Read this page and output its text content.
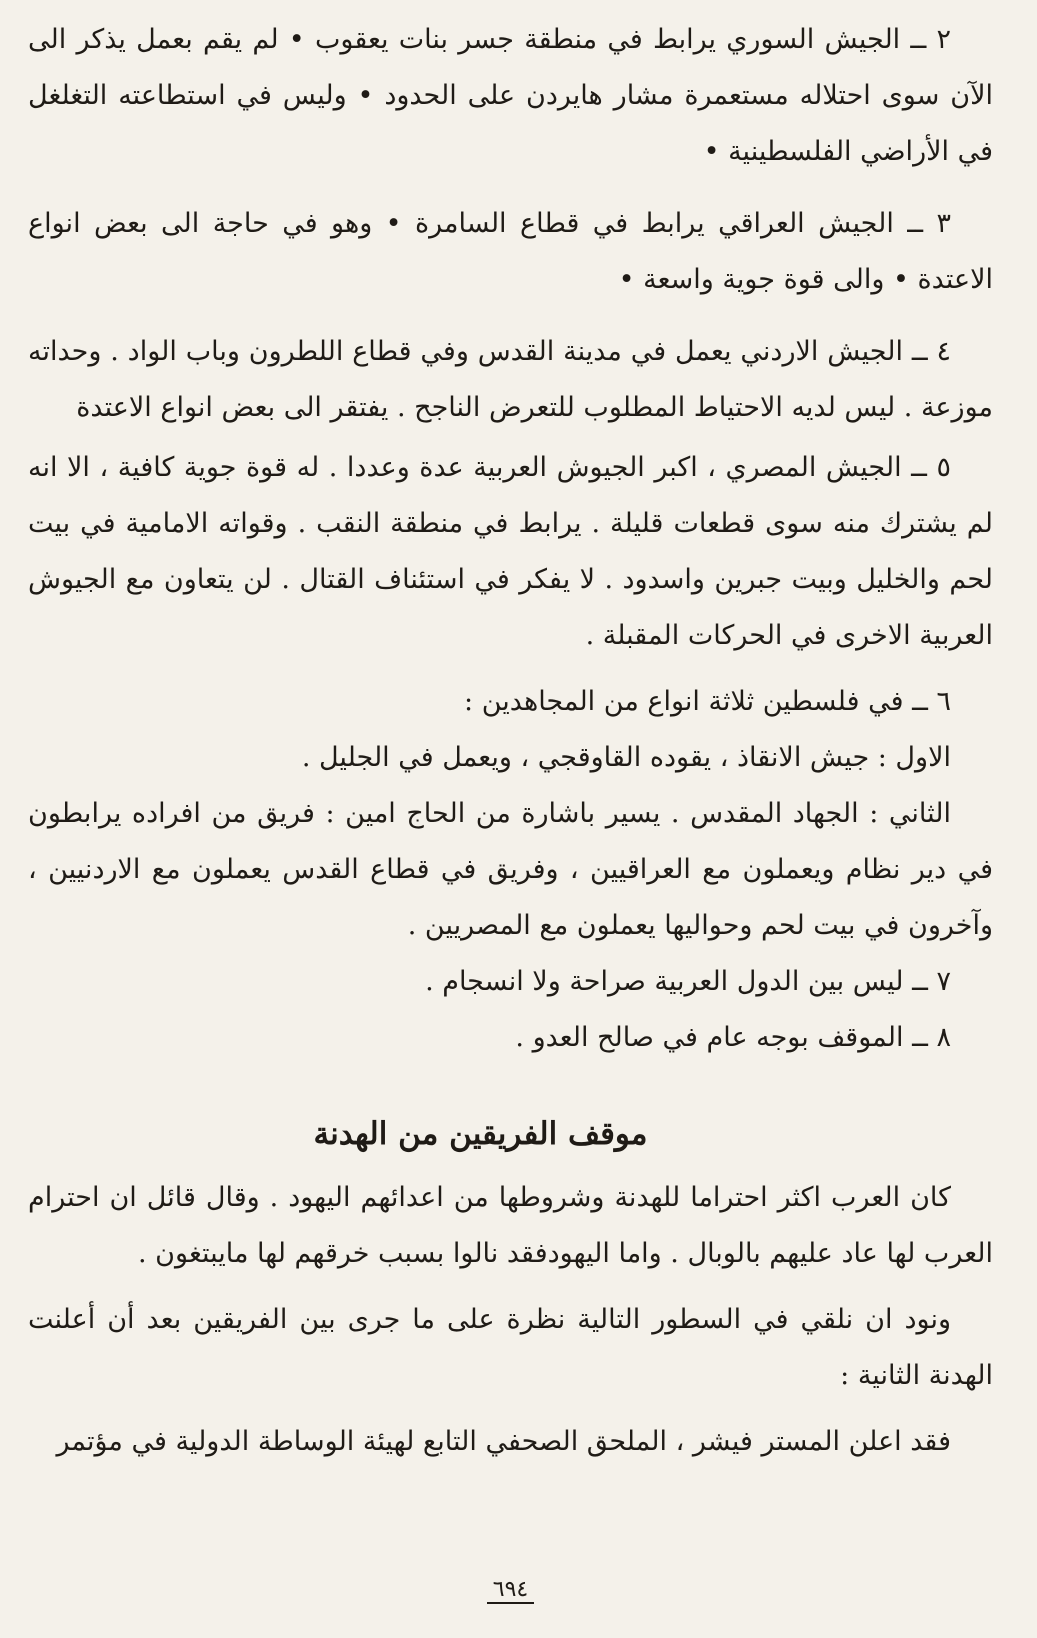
٢ ــ الجيش السوري يرابط في منطقة جسر بنات يعقوب • لم يقم بعمل يذكر الى الآن سوى احتلاله مستعمرة مشار هايردن على الحدود • وليس في استطاعته التغلغل في الأراضي الفلسطينية •

٣ ــ الجيش العراقي يرابط في قطاع السامرة • وهو في حاجة الى بعض انواع الاعتدة • والى قوة جوية واسعة •

٤ ــ الجيش الاردني يعمل في مدينة القدس وفي قطاع اللطرون وباب الواد . وحداته موزعة . ليس لديه الاحتياط المطلوب للتعرض الناجح . يفتقر الى بعض انواع الاعتدة

٥ ــ الجيش المصري ، اكبر الجيوش العربية عدة وعددا . له قوة جوية كافية ، الا انه لم يشترك منه سوى قطعات قليلة . يرابط في منطقة النقب . وقواته الامامية في بيت لحم والخليل وبيت جبرين واسدود . لا يفكر في استئناف القتال . لن يتعاون مع الجيوش العربية الاخرى في الحركات المقبلة .

٦ ــ في فلسطين ثلاثة انواع من المجاهدين :

الاول : جيش الانقاذ ، يقوده القاوقجي ، ويعمل في الجليل .

الثاني : الجهاد المقدس . يسير باشارة من الحاج امين : فريق من افراده يرابطون في دير نظام ويعملون مع العراقيين ، وفريق في قطاع القدس يعملون مع الاردنيين ، وآخرون في بيت لحم وحواليها يعملون مع المصريين .

٧ ــ ليس بين الدول العربية صراحة ولا انسجام .

٨ ــ الموقف بوجه عام في صالح العدو .

موقف الفريقين من الهدنة

كان العرب اكثر احتراما للهدنة وشروطها من اعدائهم اليهود . وقال قائل ان احترام العرب لها عاد عليهم بالوبال . واما اليهودفقد نالوا بسبب خرقهم لها مايبتغون .

ونود ان نلقي في السطور التالية نظرة على ما جرى بين الفريقين بعد أن أعلنت الهدنة الثانية :

فقد اعلن المستر فيشر ، الملحق الصحفي التابع لهيئة الوساطة الدولية في مؤتمر

٦٩٤
